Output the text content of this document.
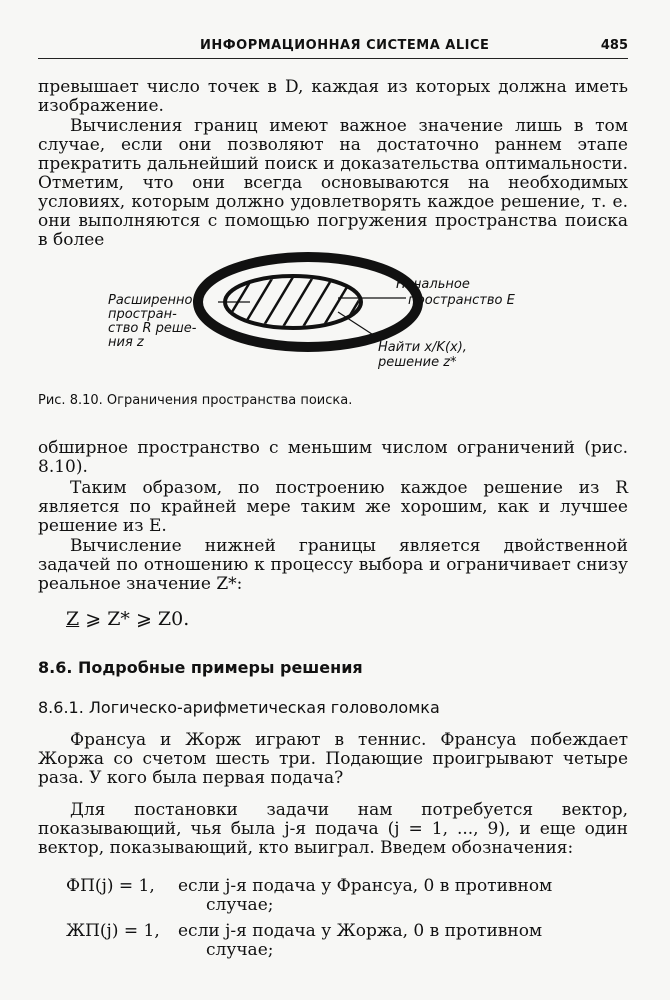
ИНФОРМАЦИОННАЯ СИСТЕМА ALICE	485

превышает число точек в D, каждая из которых должна иметь изображение.

Вычисления границ имеют важное значение лишь в том случае, если они позволяют на достаточно раннем этапе прекратить дальнейший поиск и доказательства оптимальности. Отметим, что они всегда основываются на необходимых условиях, которым должно удовлетворять каждое решение, т. е. они выполняются с помощью погружения пространства поиска в более

Расширенное
простран-
ство R реше-
ния z
Начальное
пространство E
Найти x/K(x),
решение z*
Рис. 8.10. Ограничения пространства поиска.

обширное пространство с меньшим числом ограничений (рис. 8.10).

Таким образом, по построению каждое решение из R является по крайней мере таким же хорошим, как и лучшее решение из E.

Вычисление нижней границы является двойственной задачей по отношению к процессу выбора и ограничивает снизу реальное значение Z*:

Z ⩾ Z* ⩾ Z0.
8.6. Подробные примеры решения
8.6.1. Логическо-арифметическая головоломка

Франсуа и Жорж играют в теннис. Франсуа побеждает Жоржа со счетом шесть три. Подающие проигрывают четыре раза. У кого была первая подача?

Для постановки задачи нам потребуется вектор, показывающий, чья была j-я подача (j = 1, ..., 9), и еще один вектор, показывающий, кто выиграл. Введем обозначения:

ФП(j) = 1, если j-я подача у Франсуа, 0 в противном
случае;
ЖП(j) = 1, если j-я подача у Жоржа, 0 в противном
случае;
